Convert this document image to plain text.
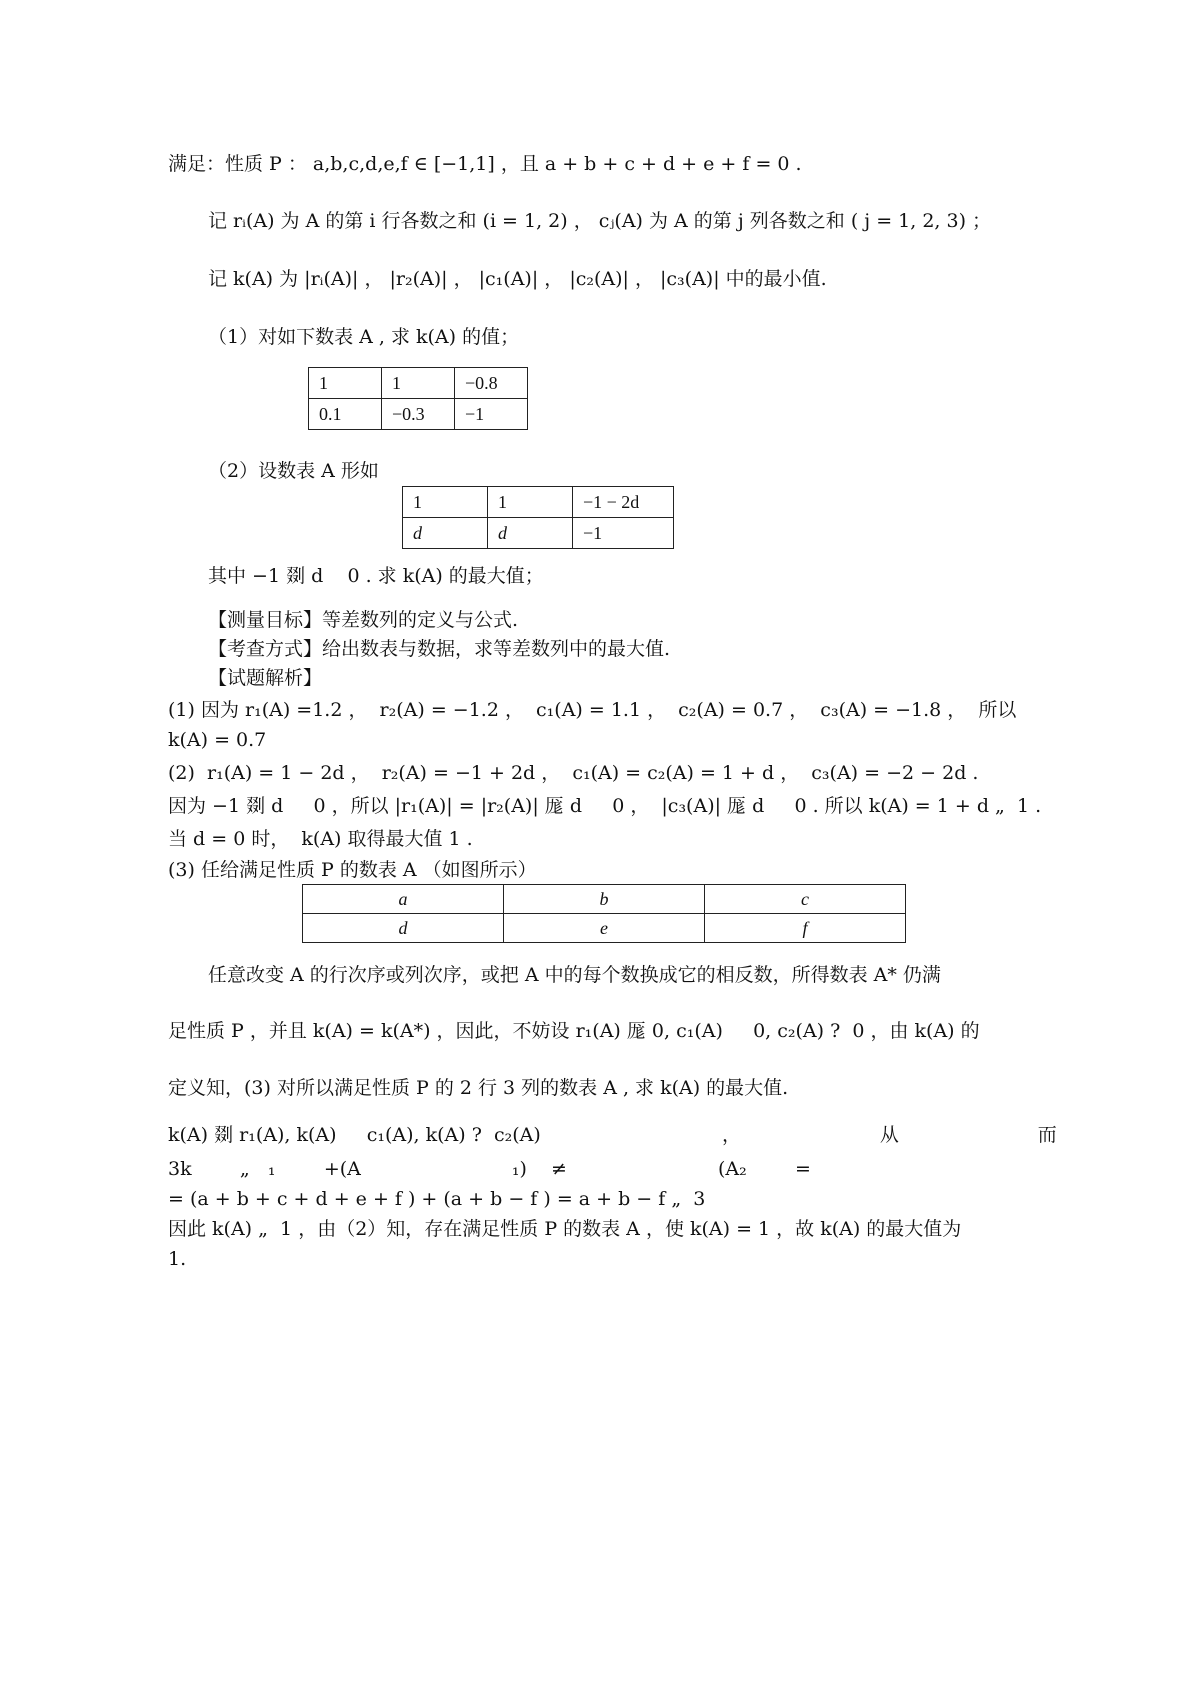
满足：性质 P ： a,b,c,d,e,f ∈ [−1,1] ，且 a + b + c + d + e + f = 0 .
记 rᵢ(A) 为 A 的第 i 行各数之和 (i = 1, 2) ， cⱼ(A) 为 A 的第 j 列各数之和 ( j = 1, 2, 3) ；
记 k(A) 为 |rᵢ(A)| ， |r₂(A)| ， |c₁(A)| ， |c₂(A)| ， |c₃(A)| 中的最小值.
（1）对如下数表 A , 求 k(A) 的值；
1	1	−0.8
0.1	−0.3	−1
（2）设数表 A 形如
1	1	−1 − 2d
d	d	−1
其中 −1 剟 d    0 . 求 k(A) 的最大值；
【测量目标】等差数列的定义与公式.
【考查方式】给出数表与数据，求等差数列中的最大值.
【试题解析】
(1) 因为 r₁(A) =1.2 ，  r₂(A) = −1.2 ，  c₁(A) = 1.1 ，  c₂(A) = 0.7 ，  c₃(A) = −1.8 ，  所以
k(A) = 0.7
(2)  r₁(A) = 1 − 2d ，  r₂(A) = −1 + 2d ，  c₁(A) = c₂(A) = 1 + d ，  c₃(A) = −2 − 2d .
因为 −1 剟 d     0 ，所以 |r₁(A)| = |r₂(A)| 厖 d     0 ，  |c₃(A)| 厖 d     0 . 所以 k(A) = 1 + d „  1 .
当 d = 0 时，  k(A) 取得最大值 1 .
(3) 任给满足性质 P 的数表 A （如图所示）
a	b	c
d	e	f
任意改变 A 的行次序或列次序，或把 A 中的每个数换成它的相反数，所得数表 A* 仍满
足性质 P ，并且 k(A) = k(A*) ，因此，不妨设 r₁(A) 厖 0, c₁(A)     0, c₂(A) ?  0 ，由 k(A) 的
定义知，(3) 对所以满足性质 P 的 2 行 3 列的数表 A , 求 k(A) 的最大值.
k(A) 剟 r₁(A), k(A)     c₁(A), k(A) ?  c₂(A)                              ，                       从                       而
3k        „   ₁        +(A                         ₁)    ≠                         (A₂        =
= (a + b + c + d + e + f ) + (a + b − f ) = a + b − f „  3
因此 k(A) „  1 ，由（2）知，存在满足性质 P 的数表 A ，使 k(A) = 1 ，故 k(A) 的最大值为
1.
